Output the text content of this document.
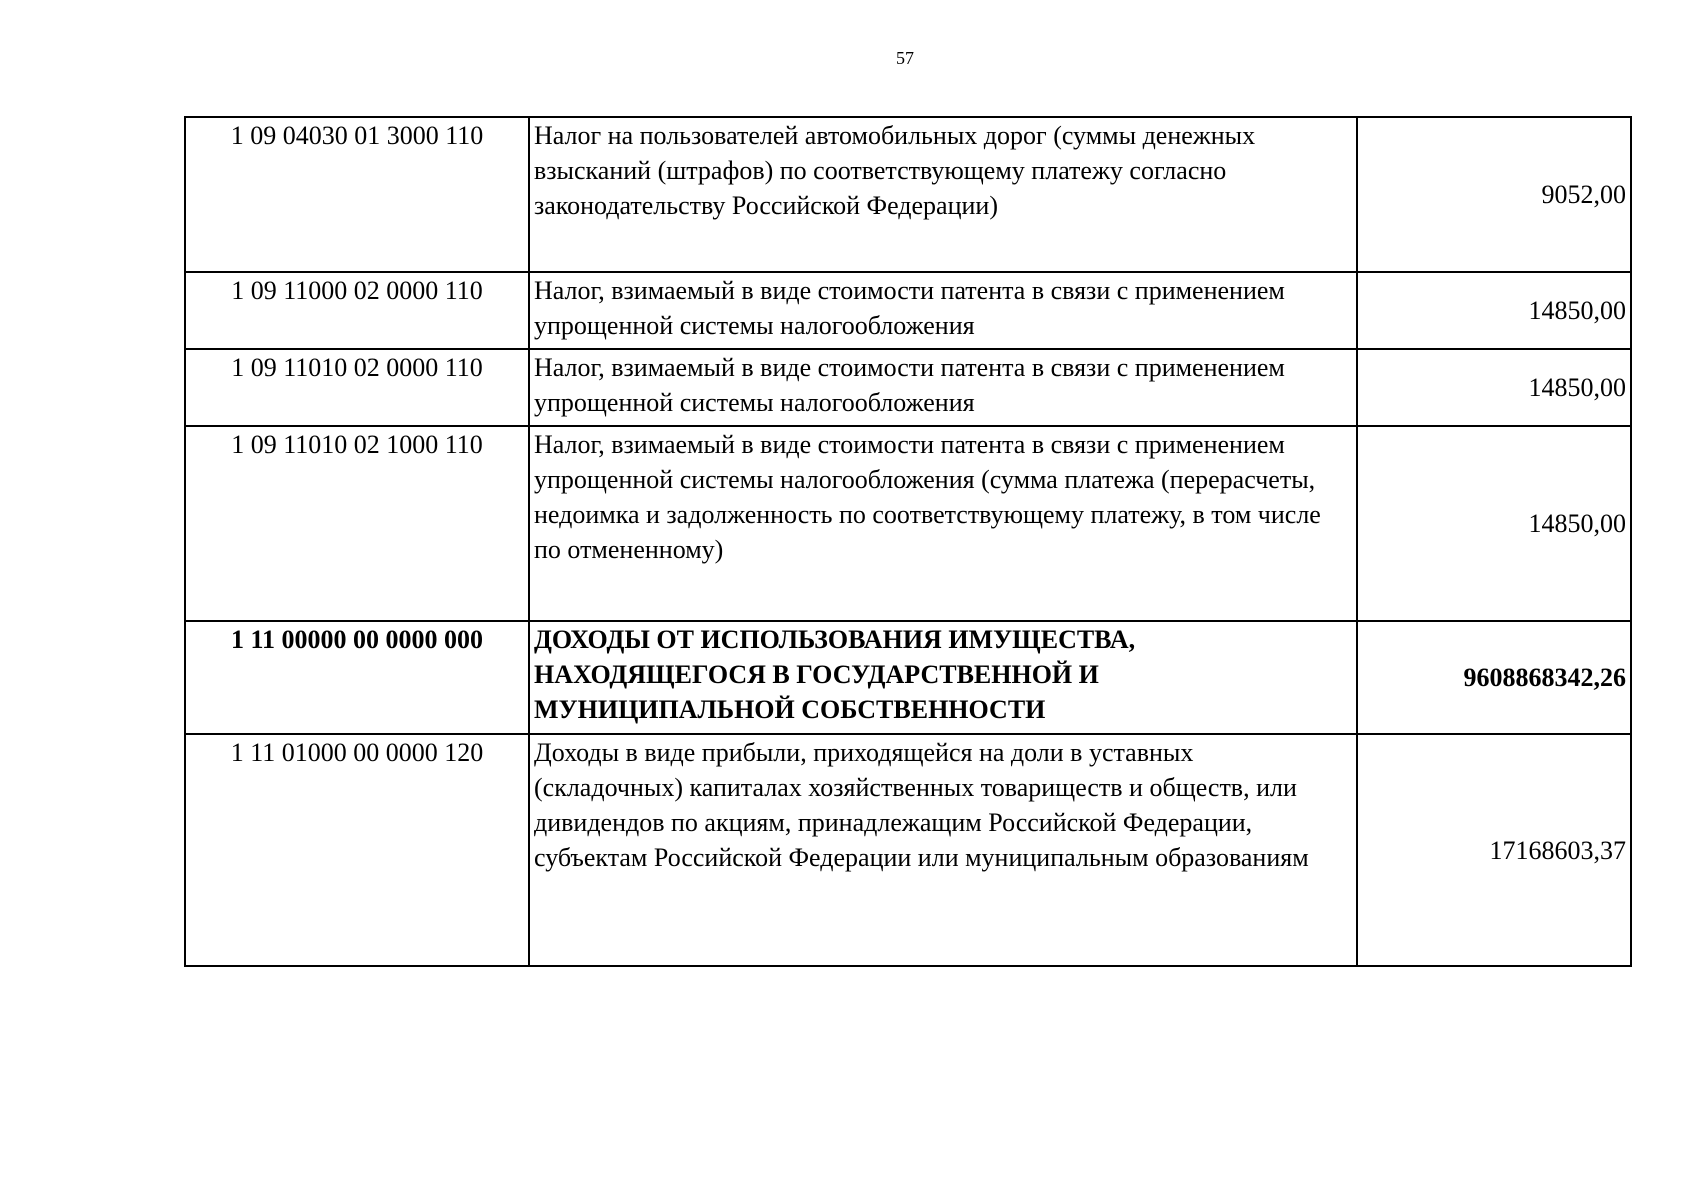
57
1 09 04030 01 3000 110	Налог на пользователей автомобильных дорог (суммы денежных взысканий (штрафов) по соответствующему платежу согласно законодательству Российской Федерации)	9052,00
1 09 11000 02 0000 110	Налог, взимаемый в виде стоимости патента в связи с применением упрощенной системы налогообложения	14850,00
1 09 11010 02 0000 110	Налог, взимаемый в виде стоимости патента в связи с применением упрощенной системы налогообложения	14850,00
1 09 11010 02 1000 110	Налог, взимаемый в виде стоимости патента в связи с применением упрощенной системы налогообложения (сумма платежа (перерасчеты, недоимка и задолженность по соответствующему платежу, в том числе по отмененному)	14850,00
1 11 00000 00 0000 000	ДОХОДЫ ОТ ИСПОЛЬЗОВАНИЯ ИМУЩЕСТВА, НАХОДЯЩЕГОСЯ В ГОСУДАРСТВЕННОЙ И МУНИЦИПАЛЬНОЙ СОБСТВЕННОСТИ	9608868342,26
1 11 01000 00 0000 120	Доходы в виде прибыли, приходящейся на доли в уставных (складочных) капиталах хозяйственных товариществ и обществ, или дивидендов по акциям, принадлежащим Российской Федерации, субъектам Российской Федерации или муниципальным образованиям	17168603,37
